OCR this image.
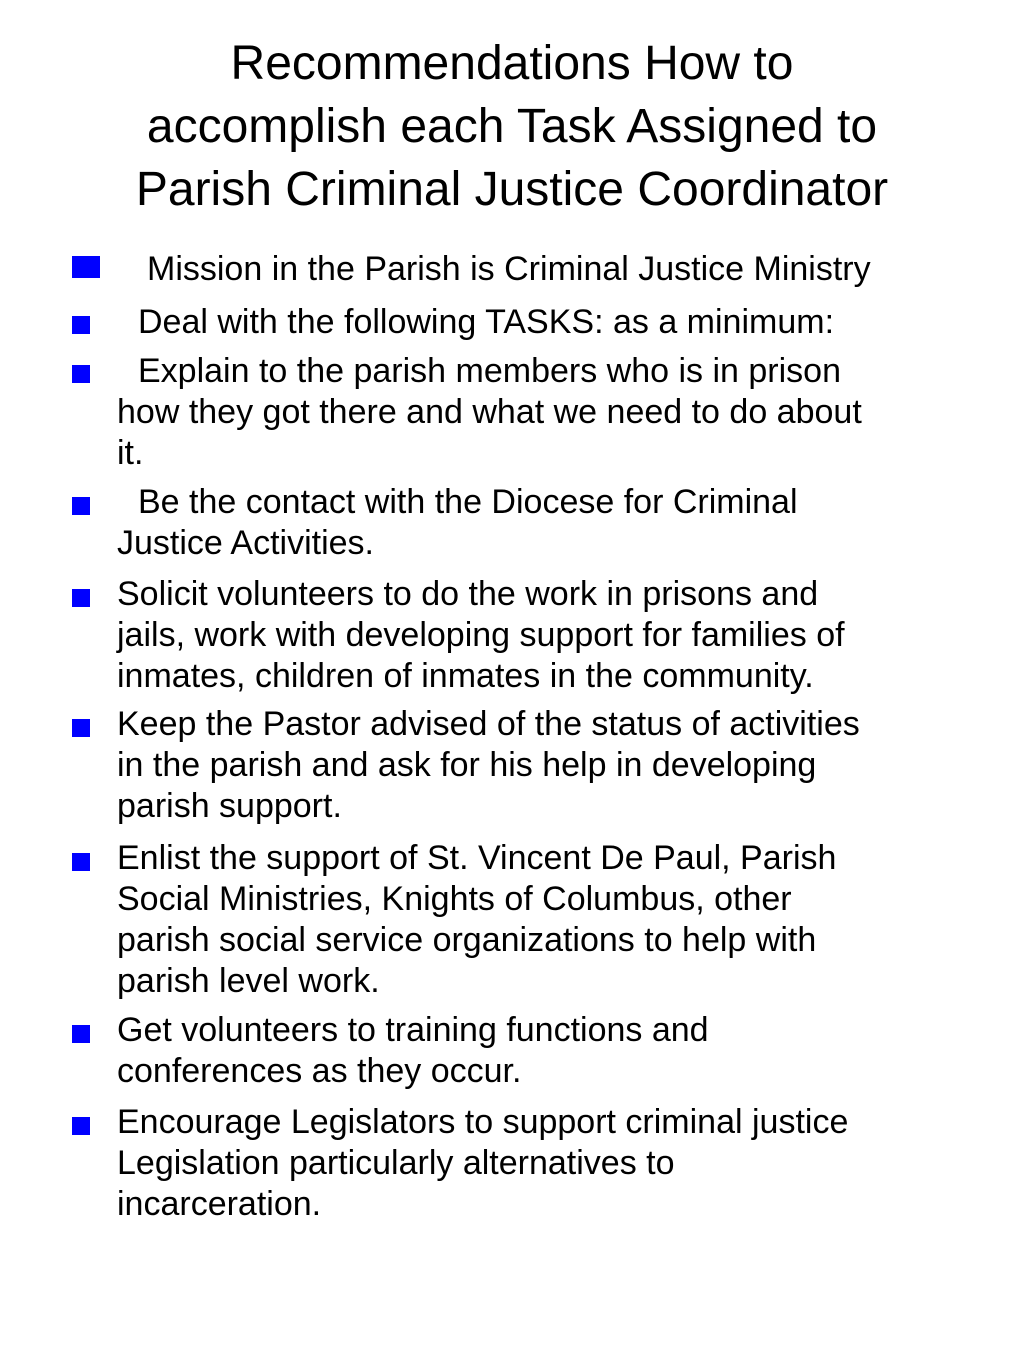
Recommendations How to
accomplish each Task Assigned to
Parish Criminal Justice Coordinator
Mission in the Parish is Criminal Justice Ministry
Deal with the following TASKS: as a minimum:
Explain to the parish members who is in prison
how they got there and what we need to do about
it.
Be the contact with the Diocese for Criminal
Justice Activities.
Solicit volunteers to do the work in prisons and
jails, work with developing support for families of
inmates, children of inmates in the community.
Keep the Pastor advised of the status of activities
in the parish and ask for his help in developing
parish support.
Enlist the support of St. Vincent De Paul, Parish
Social Ministries, Knights of Columbus, other
parish social service organizations to help with
parish level work.
Get volunteers to training functions and
conferences as they occur.
Encourage Legislators to support criminal justice
Legislation particularly alternatives to
incarceration.
